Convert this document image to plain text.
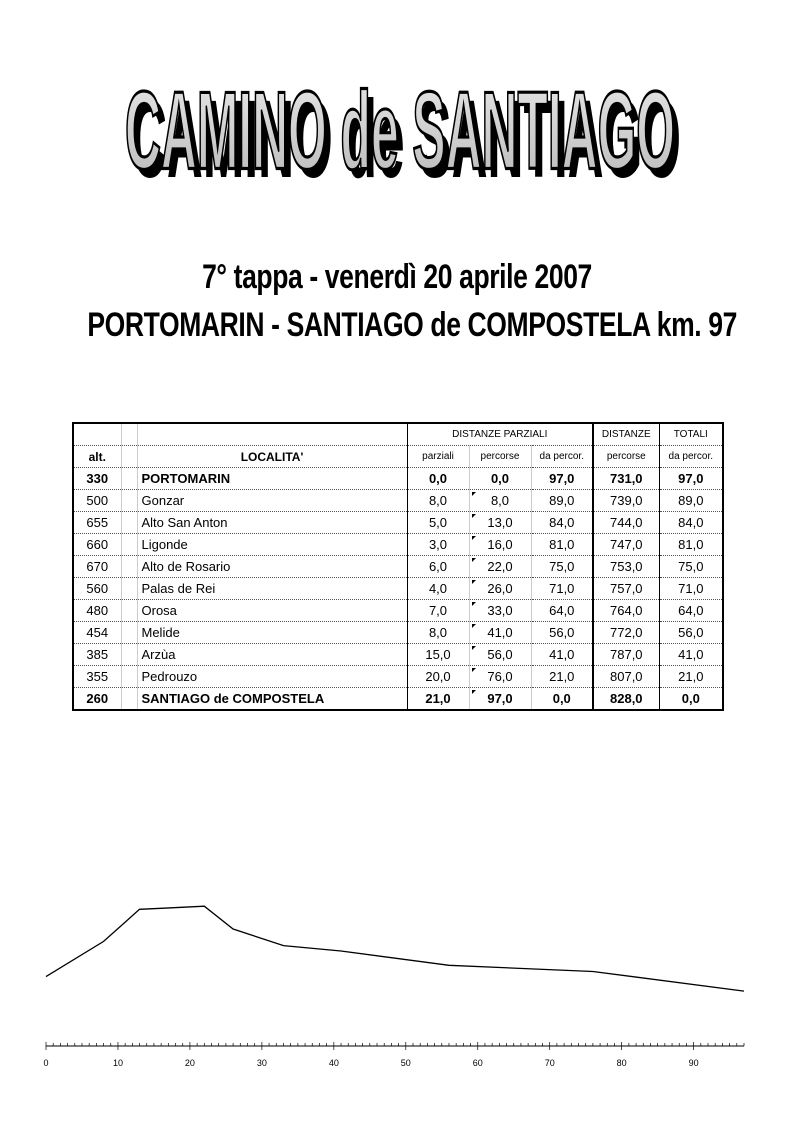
CAMINO de SANTIAGO
CAMINO de SANTIAGO
7° tappa - venerdì 20 aprile 2007
PORTOMARIN - SANTIAGO de COMPOSTELA km. 97
			DISTANZE PARZIALI			DISTANZE	TOTALI
alt.		LOCALITA'	parziali	percorse	da percor.	percorse	da percor.
330		PORTOMARIN	0,0	0,0	97,0	731,0	97,0
500		Gonzar	8,0	8,0	89,0	739,0	89,0
655		Alto San Anton	5,0	13,0	84,0	744,0	84,0
660		Ligonde	3,0	16,0	81,0	747,0	81,0
670		Alto de Rosario	6,0	22,0	75,0	753,0	75,0
560		Palas de Rei	4,0	26,0	71,0	757,0	71,0
480		Orosa	7,0	33,0	64,0	764,0	64,0
454		Melide	8,0	41,0	56,0	772,0	56,0
385		Arzùa	15,0	56,0	41,0	787,0	41,0
355		Pedrouzo	20,0	76,0	21,0	807,0	21,0
260		SANTIAGO de COMPOSTELA	21,0	97,0	0,0	828,0	0,0
0	10	20	30	40	50	60	70	80	90
